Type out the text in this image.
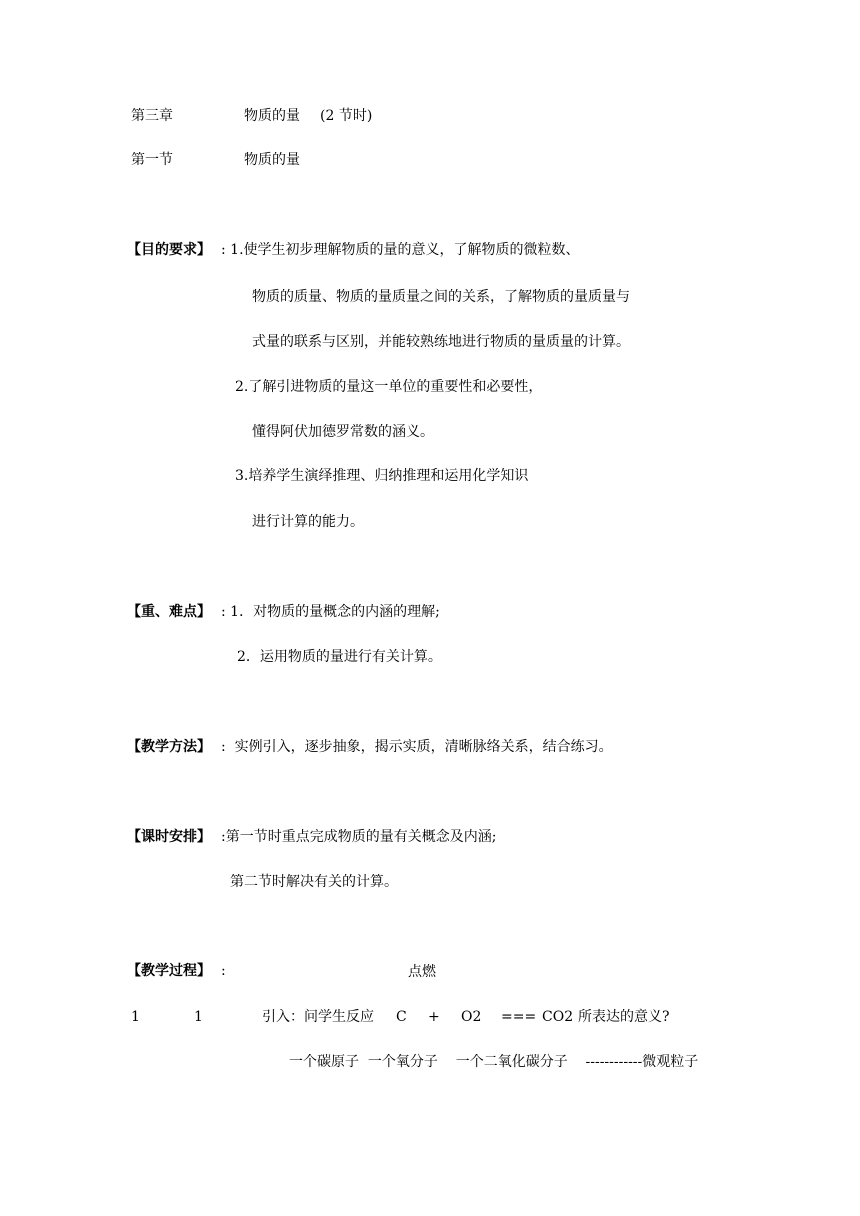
第三章	物质的量 (2 节时)
第一节	物质的量
【目的要求】 : 1.使学生初步理解物质的量的意义，了解物质的微粒数、
物质的质量、物质的量质量之间的关系，了解物质的量质量与
式量的联系与区别，并能较熟练地进行物质的量质量的计算。
2.了解引进物质的量这一单位的重要性和必要性，
懂得阿伏加德罗常数的涵义。
3.培养学生演绎推理、归纳推理和运用化学知识
进行计算的能力。
【重、难点】 : 1．对物质的量概念的内涵的理解;
2．运用物质的量进行有关计算。
【教学方法】 :  实例引入，逐步抽象，揭示实质，清晰脉络关系，结合练习。
【课时安排】 :第一节时重点完成物质的量有关概念及内涵;
第二节时解决有关的计算。
【教学过程】 :	点燃
1	1	引入：问学生反应 C + O2 === CO2 所表达的意义?
一个碳原子  一个氧分子    一个二氧化碳分子    ------------微观粒子
